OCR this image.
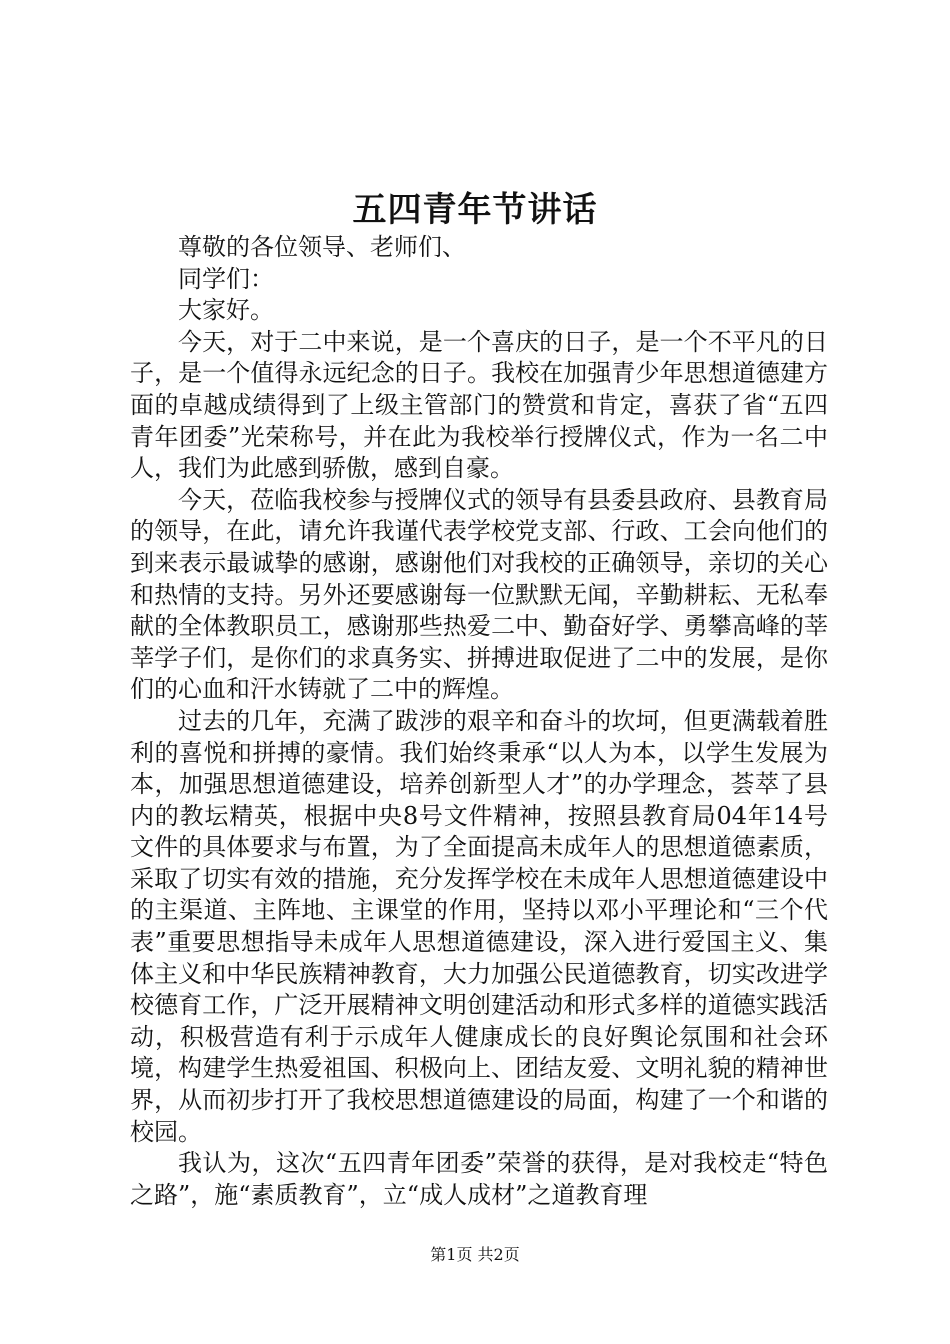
五四青年节讲话

尊敬的各位领导、老师们、

同学们：

大家好。

今天，对于二中来说，是一个喜庆的日子，是一个不平凡的日子，是一个值得永远纪念的日子。我校在加强青少年思想道德建方面的卓越成绩得到了上级主管部门的赞赏和肯定，喜获了省“五四青年团委”光荣称号，并在此为我校举行授牌仪式，作为一名二中人，我们为此感到骄傲，感到自豪。

今天，莅临我校参与授牌仪式的领导有县委县政府、县教育局的领导，在此，请允许我谨代表学校党支部、行政、工会向他们的到来表示最诚挚的感谢，感谢他们对我校的正确领导，亲切的关心和热情的支持。另外还要感谢每一位默默无闻，辛勤耕耘、无私奉献的全体教职员工，感谢那些热爱二中、勤奋好学、勇攀高峰的莘莘学子们，是你们的求真务实、拼搏进取促进了二中的发展，是你们的心血和汗水铸就了二中的辉煌。

过去的几年，充满了跋涉的艰辛和奋斗的坎坷，但更满载着胜利的喜悦和拼搏的豪情。我们始终秉承“以人为本，以学生发展为本，加强思想道德建设，培养创新型人才”的办学理念，荟萃了县内的教坛精英，根据中央8号文件精神，按照县教育局04年14号文件的具体要求与布置，为了全面提高未成年人的思想道德素质，采取了切实有效的措施，充分发挥学校在未成年人思想道德建设中的主渠道、主阵地、主课堂的作用，坚持以邓小平理论和“三个代表”重要思想指导未成年人思想道德建设，深入进行爱国主义、集体主义和中华民族精神教育，大力加强公民道德教育，切实改进学校德育工作，广泛开展精神文明创建活动和形式多样的道德实践活动，积极营造有利于示成年人健康成长的良好舆论氛围和社会环境，构建学生热爱祖国、积极向上、团结友爱、文明礼貌的精神世界，从而初步打开了我校思想道德建设的局面，构建了一个和谐的校园。

我认为，这次“五四青年团委”荣誉的获得，是对我校走“特色之路”，施“素质教育”，立“成人成材”之道教育理

第1页 共2页
